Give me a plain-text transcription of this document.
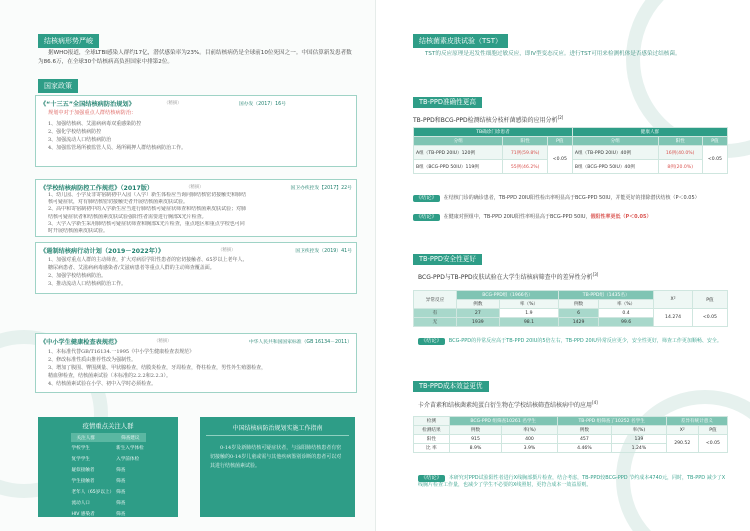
结核病形势严峻
据WHO报道，全球LTBI感染人群约17亿，潜伏感染率为23%。目前结核病仍是全球前10位死因之一。中国估算新发患者数为86.6万，在全球30个结核病高负担国家中排第2位。
国家政策
《“十三五”全国结核病防治规划》	（精摘）	国办发（2017）16号
规划中对于加强重点人群结核病防治：
1、加强结核病、艾滋病病毒双重感染防控
2、强化学校结核病防控
3、加强流动人口结核病防治
4、加强监管场所被监管人员、场所羁押人群结核病防治工作。
《学校结核病防控工作规范》（2017版）	（精摘）	国卫办疾控发【2017】22号
1、幼儿园、小学及非寄宿制初中入园（入学）新生体检应当询问肺结核密切接触史和肺结
核可疑症状，对有肺结核密切接触史者开展结核菌素皮肤试验。
2、高中和寄宿制初中的入学新生应当进行肺结核可疑症状筛查和结核菌素皮肤试验；对肺
结核可疑症状者和结核菌素皮肤试验强阳性者需要进行胸部X光片检查。
3、大学入学新生采用肺结核可疑症状筛查和胸部X光片检查，重点地区和重点学校也可同
时开展结核菌素皮肤试验。
《遏制结核病行动计划（2019－2022年）》	（精摘）	国卫疾控发（2019）41号
1、加强对重点人群的主动筛查，扩大对病原学阳性患者的密切接触者、65岁以上老年人、
糖尿病患者、艾滋病病毒感染者/艾滋病患者等重点人群的主动筛查覆盖面。
2、加强学校结核病防治。
3、推动流动人口结核病防治工作。
《中小学生健康检查表规范》	（精摘）	中华人民共和国国家标准（GB 16134－2011）
1、本标准代替GB/T16134.一1995《中小学生健康检查表规范》
2、修改标准性质由推荐性改为强制性。
3、增加了腹围、臀围测量、甲状腺检查，结膜炎检查，牙周检查，脊柱检查，男性外生殖器检查，
精血卵检查，结核菌素试验（本标准的2.2.2和2.2.3）。
4、结核菌素试验在小学、初中入学时必须检查。
疫情重点关注人群
关注人群	筛查建议
学校学生	新生入学体检
复学学生	入学前体检
疑似接触者	筛查
学生接触者	筛查
老年人（65岁以上）	筛查
流动人口	筛查
HIV 感染者	筛查
中国结核病防治规划实施工作指南
0-14岁及新肺结核可疑症状者，与涂阳肺结核患者有密切接触的0-14岁儿童或需与其他疾病鉴别诊断的患者可以对其进行结核菌素试验。
结核菌素皮肤试验（TST）
TST的反应原理是迟发性细胞过敏反应，即IV型变态反应。进行TST可用来检测机体是否感染过结核菌。
TB-PPD准确性更高
TB-PPD和BCG-PPD检测结核分枝杆菌感染的应用分析[2]
TB确诊门诊患者			健康人群		
分组	阳性	P值	分组	阳性	P值
A组（TB-PPD 20IU）120例	71例(59.8%)	<0.05	A组（TB-PPD 20IU）40例	16例(40.0%)	<0.05
B组（BCG-PPD 50IU）119例	55例(46.2%)		B组（BCG-PPD 50IU）40例	8例(20.0%)	
《结论》 在结核门诊的确诊患者，TB-PPD 20IU阳性检出率明显高于BCG-PPD 50IU，并能更好的排除潜伏结核（P＜0.05）
《结论》 在健康对照组中，TB-PPD 20IU阳性率明显高于BCG-PPD 50IU，假阳性率更低（P＜0.05）
TB-PPD安全性更好
BCG-PPD与TB-PPD皮肤试验在大学生结核病筛查中的差异性分析[3]
异常反应	BCG-PPD组（1966名）		TB-PPD组（1435名）		X²	P值
	例数	率（%）	例数	率（%）		
有	27	1.9	6	0.4	14.274	<0.05
无	1939	98.1	1429	99.6		
《结论》 BCG-PPD的异常反应高于TB-PPD 20IU的5倍左右，TB-PPD 20IU异常反应更少，安全性更好，筛查工作更加顺畅、安全。
TB-PPD成本效益更优
卡介苗素和结核菌素纯蛋白衍生物在学校结核筛查结核病中的应用[4]
检测	BCG-PPD 组筛查10261 名学生		TB-PPD 组筛查了10252 名学生		差异有统计意义	
检测结果	例数	率(%)	例数	率(%)	X²	P值
阳性	915	400	457	139	290.52	<0.05
比 率	8.9%	3.9%	4.46%	1.24%		
《结论》 本研究对PPD试验阳性者进行X线胸部摄片检查，结合考虑，TB-PPD较BCG-PPD 节约成本4740元，同时，TB-PPD 减少了X线胸片检查工作量，也减少了学生不必要的X线照射，更符合成本一效益原则。
